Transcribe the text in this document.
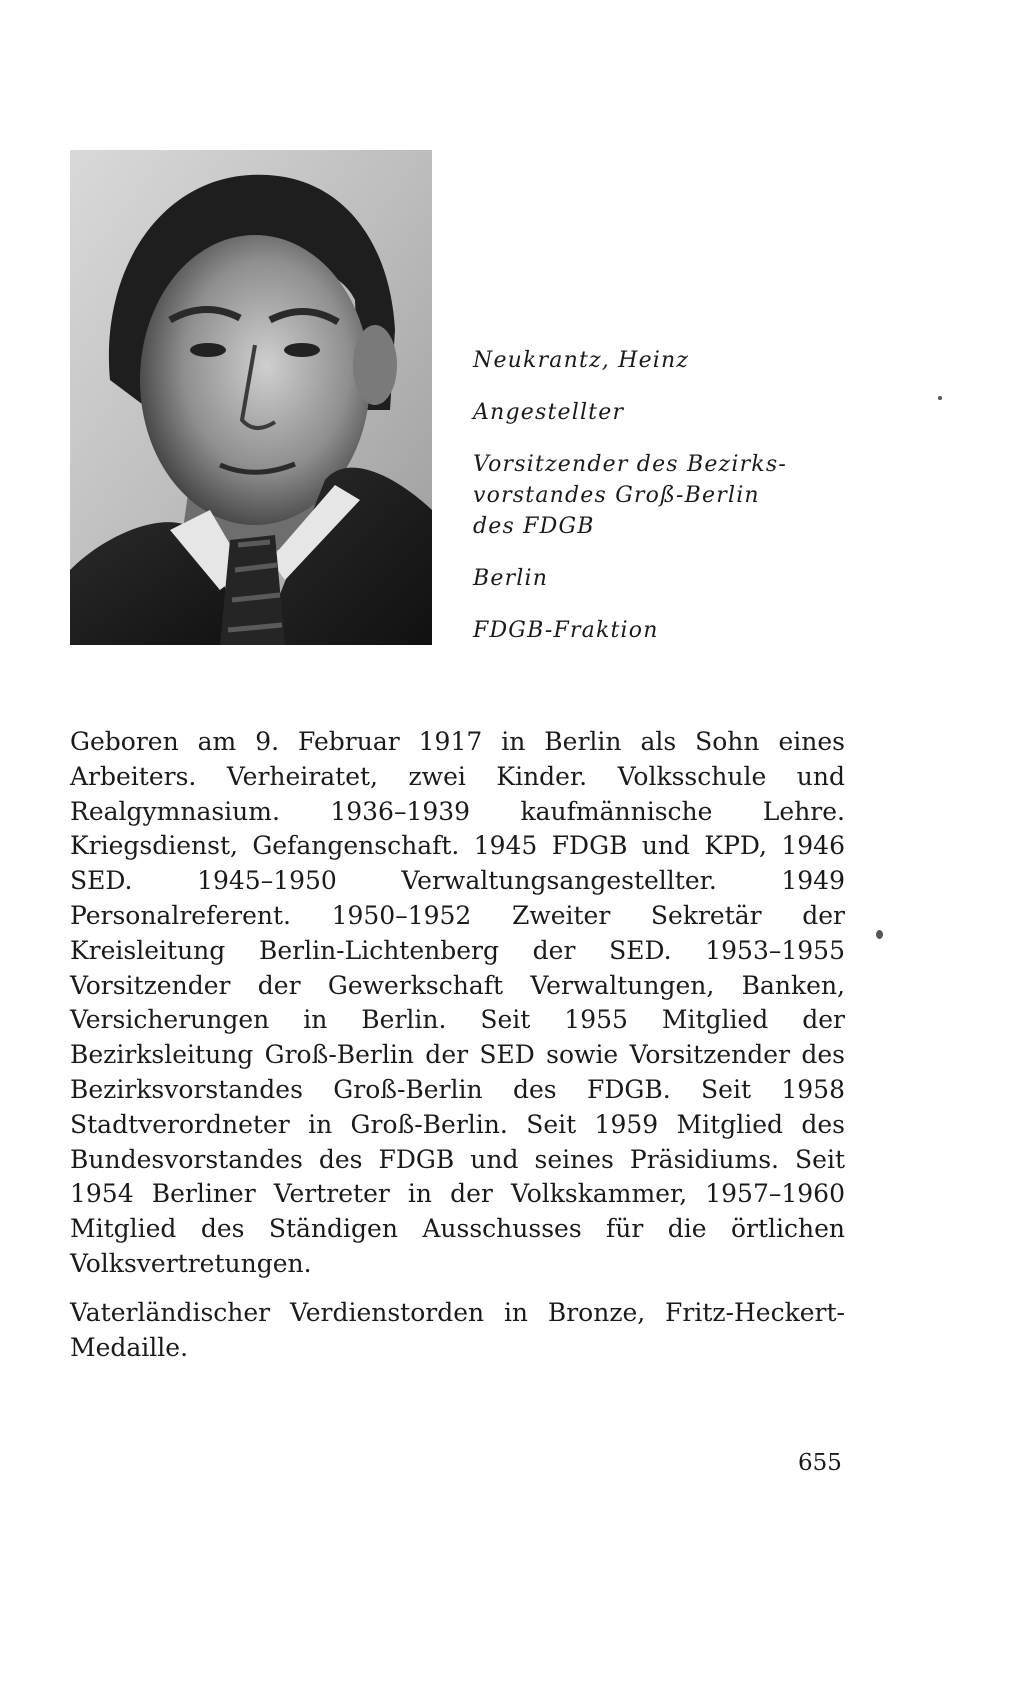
Neukrantz, Heinz

Angestellter

Vorsitzender des Bezirks-
vorstandes Groß-Berlin
des FDGB

Berlin

FDGB-Fraktion

Geboren am 9. Februar 1917 in Berlin als Sohn eines Arbeiters. Verheiratet, zwei Kinder. Volksschule und Realgymnasium. 1936–1939 kaufmännische Lehre. Kriegsdienst, Gefangenschaft. 1945 FDGB und KPD, 1946 SED. 1945–1950 Verwaltungsangestellter. 1949 Personalreferent. 1950–1952 Zweiter Sekretär der Kreisleitung Berlin-Lichtenberg der SED. 1953–1955 Vorsitzender der Gewerkschaft Verwaltungen, Banken, Versicherungen in Berlin. Seit 1955 Mitglied der Bezirksleitung Groß-Berlin der SED sowie Vorsitzender des Bezirksvorstandes Groß-Berlin des FDGB. Seit 1958 Stadtverordneter in Groß-Berlin. Seit 1959 Mitglied des Bundesvorstandes des FDGB und seines Präsidiums. Seit 1954 Berliner Vertreter in der Volkskammer, 1957–1960 Mitglied des Ständigen Ausschusses für die örtlichen Volksvertretungen.

Vaterländischer Verdienstorden in Bronze, Fritz-Heckert-Medaille.

655
